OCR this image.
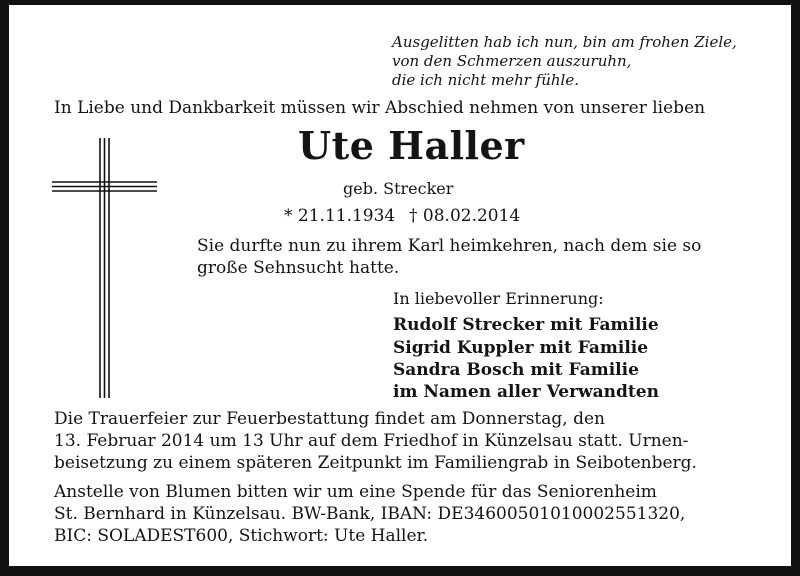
Ausgelitten hab ich nun, bin am frohen Ziele,
von den Schmerzen auszuruhn,
die ich nicht mehr fühle.
In Liebe und Dankbarkeit müssen wir Abschied nehmen von unserer lieben
Ute Haller
geb. Strecker
* 21.11.1934 † 08.02.2014
Sie durfte nun zu ihrem Karl heimkehren, nach dem sie so
große Sehnsucht hatte.
In liebevoller Erinnerung:
Rudolf Strecker mit Familie
Sigrid Kuppler mit Familie
Sandra Bosch mit Familie
im Namen aller Verwandten
Die Trauerfeier zur Feuerbestattung findet am Donnerstag, den
13. Februar 2014 um 13 Uhr auf dem Friedhof in Künzelsau statt. Urnen-
beisetzung zu einem späteren Zeitpunkt im Familiengrab in Seibotenberg.
Anstelle von Blumen bitten wir um eine Spende für das Seniorenheim
St. Bernhard in Künzelsau. BW-Bank, IBAN: DE34600501010002551320,
BIC: SOLADEST600, Stichwort: Ute Haller.
